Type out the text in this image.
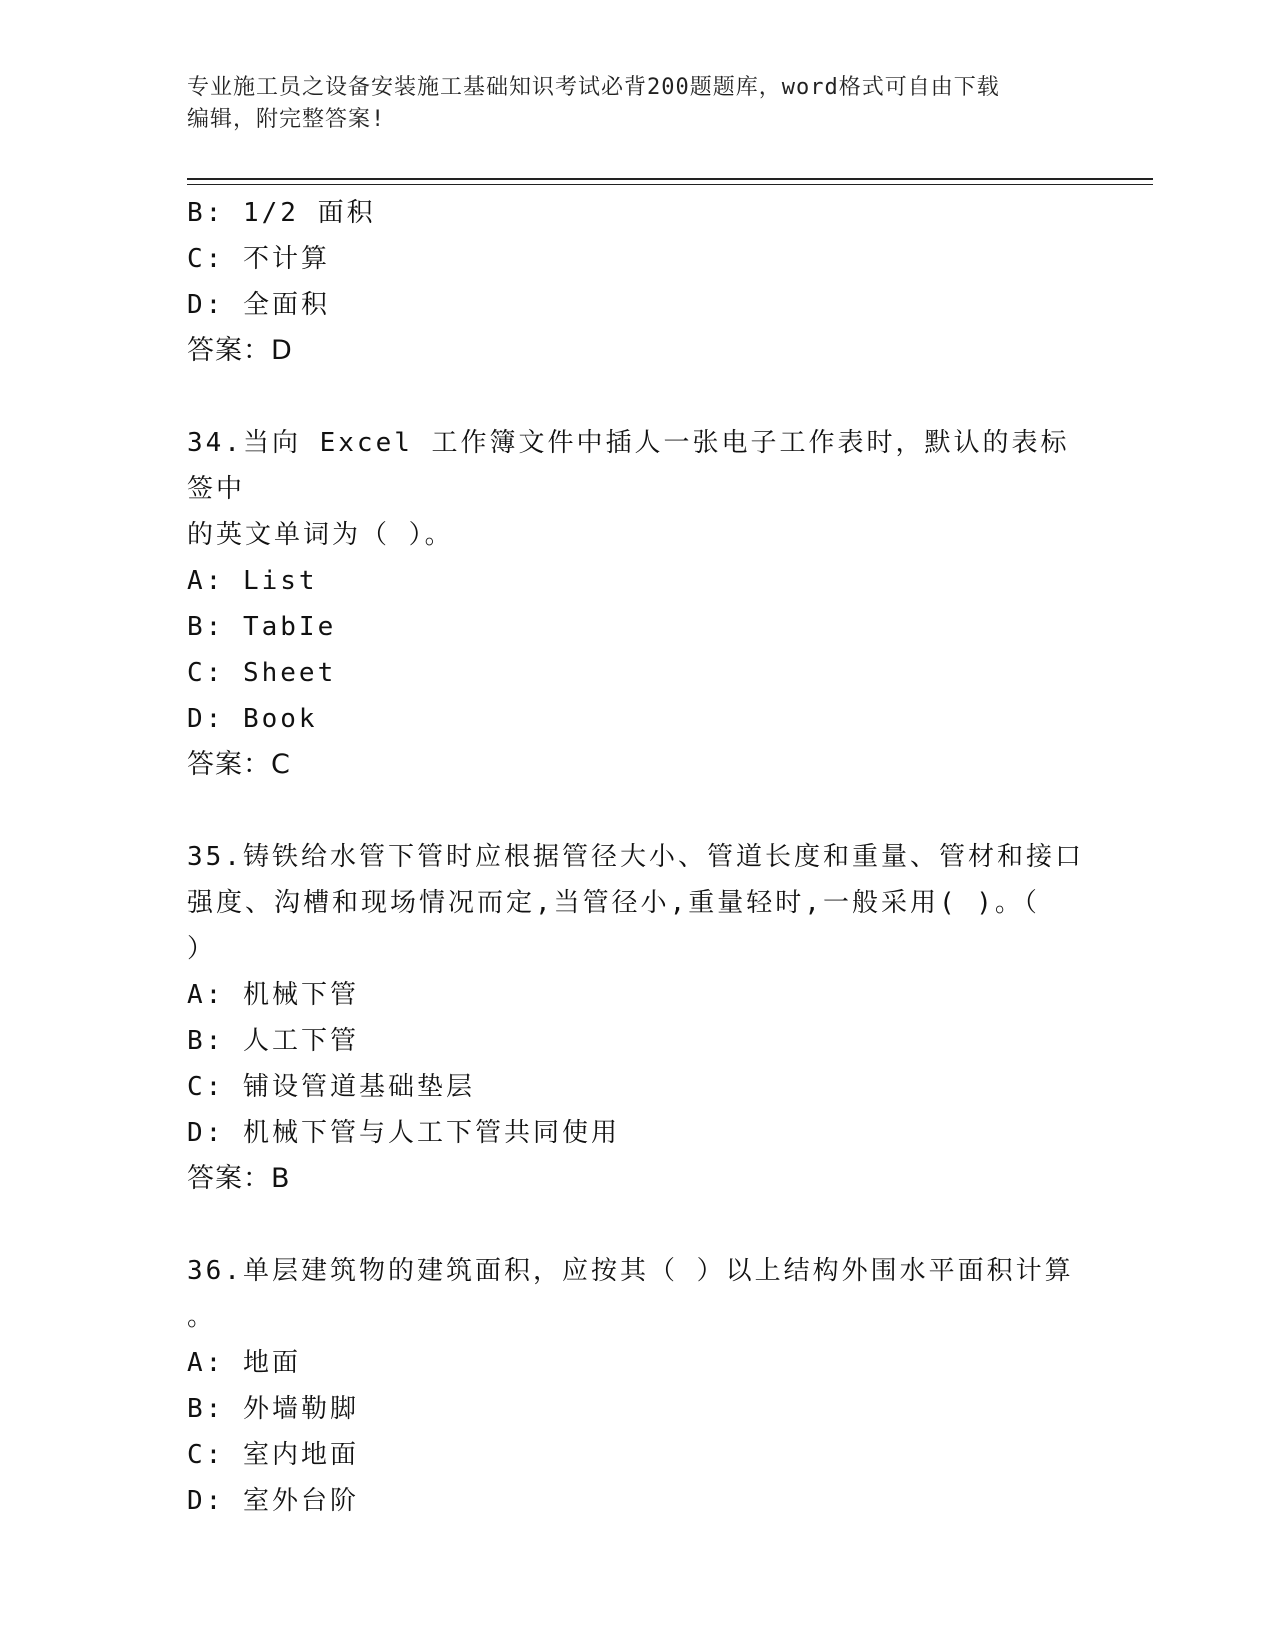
专业施工员之设备安装施工基础知识考试必背200题题库，word格式可自由下载
编辑，附完整答案!
B: 1/2 面积
C: 不计算
D: 全面积
答案：D
34.当向 Excel 工作簿文件中插人一张电子工作表时，默认的表标签中
的英文单词为（ ）。
A: List
B: TabIe
C: Sheet
D: Book
答案：C
35.铸铁给水管下管时应根据管径大小、管道长度和重量、管材和接口
强度、沟槽和现场情况而定,当管径小,重量轻时,一般采用( )。（
）
A: 机械下管
B: 人工下管
C: 铺设管道基础垫层
D: 机械下管与人工下管共同使用
答案：B
36.单层建筑物的建筑面积，应按其（ ）以上结构外围水平面积计算
。
A: 地面
B: 外墙勒脚
C: 室内地面
D: 室外台阶
